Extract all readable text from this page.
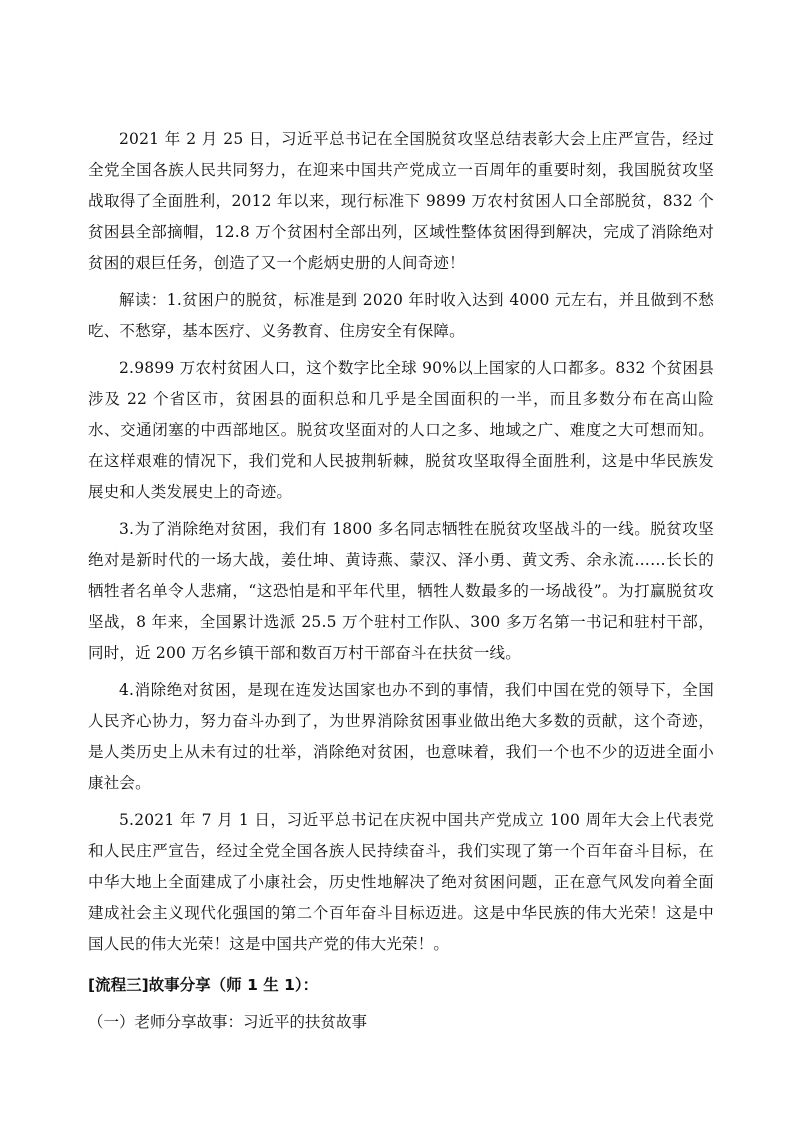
2021 年 2 月 25 日，习近平总书记在全国脱贫攻坚总结表彰大会上庄严宣告，经过全党全国各族人民共同努力，在迎来中国共产党成立一百周年的重要时刻，我国脱贫攻坚战取得了全面胜利，2012 年以来，现行标准下 9899 万农村贫困人口全部脱贫，832 个贫困县全部摘帽，12.8 万个贫困村全部出列，区域性整体贫困得到解决，完成了消除绝对贫困的艰巨任务，创造了又一个彪炳史册的人间奇迹！

解读：1.贫困户的脱贫，标准是到 2020 年时收入达到 4000 元左右，并且做到不愁吃、不愁穿，基本医疗、义务教育、住房安全有保障。

2.9899 万农村贫困人口，这个数字比全球 90%以上国家的人口都多。832 个贫困县涉及 22 个省区市，贫困县的面积总和几乎是全国面积的一半，而且多数分布在高山险水、交通闭塞的中西部地区。脱贫攻坚面对的人口之多、地域之广、难度之大可想而知。在这样艰难的情况下，我们党和人民披荆斩棘，脱贫攻坚取得全面胜利，这是中华民族发展史和人类发展史上的奇迹。

3.为了消除绝对贫困，我们有 1800 多名同志牺牲在脱贫攻坚战斗的一线。脱贫攻坚绝对是新时代的一场大战，姜仕坤、黄诗燕、蒙汉、泽小勇、黄文秀、余永流……长长的牺牲者名单令人悲痛，“这恐怕是和平年代里，牺牲人数最多的一场战役”。为打赢脱贫攻坚战，8 年来，全国累计选派 25.5 万个驻村工作队、300 多万名第一书记和驻村干部，同时，近 200 万名乡镇干部和数百万村干部奋斗在扶贫一线。

4.消除绝对贫困，是现在连发达国家也办不到的事情，我们中国在党的领导下，全国人民齐心协力，努力奋斗办到了，为世界消除贫困事业做出绝大多数的贡献，这个奇迹，是人类历史上从未有过的壮举，消除绝对贫困，也意味着，我们一个也不少的迈进全面小康社会。

5.2021 年 7 月 1 日，习近平总书记在庆祝中国共产党成立 100 周年大会上代表党和人民庄严宣告，经过全党全国各族人民持续奋斗，我们实现了第一个百年奋斗目标，在中华大地上全面建成了小康社会，历史性地解决了绝对贫困问题，正在意气风发向着全面建成社会主义现代化强国的第二个百年奋斗目标迈进。这是中华民族的伟大光荣！这是中国人民的伟大光荣！这是中国共产党的伟大光荣！。

[流程三]故事分享（师 1 生 1）：

（一）老师分享故事：习近平的扶贫故事
